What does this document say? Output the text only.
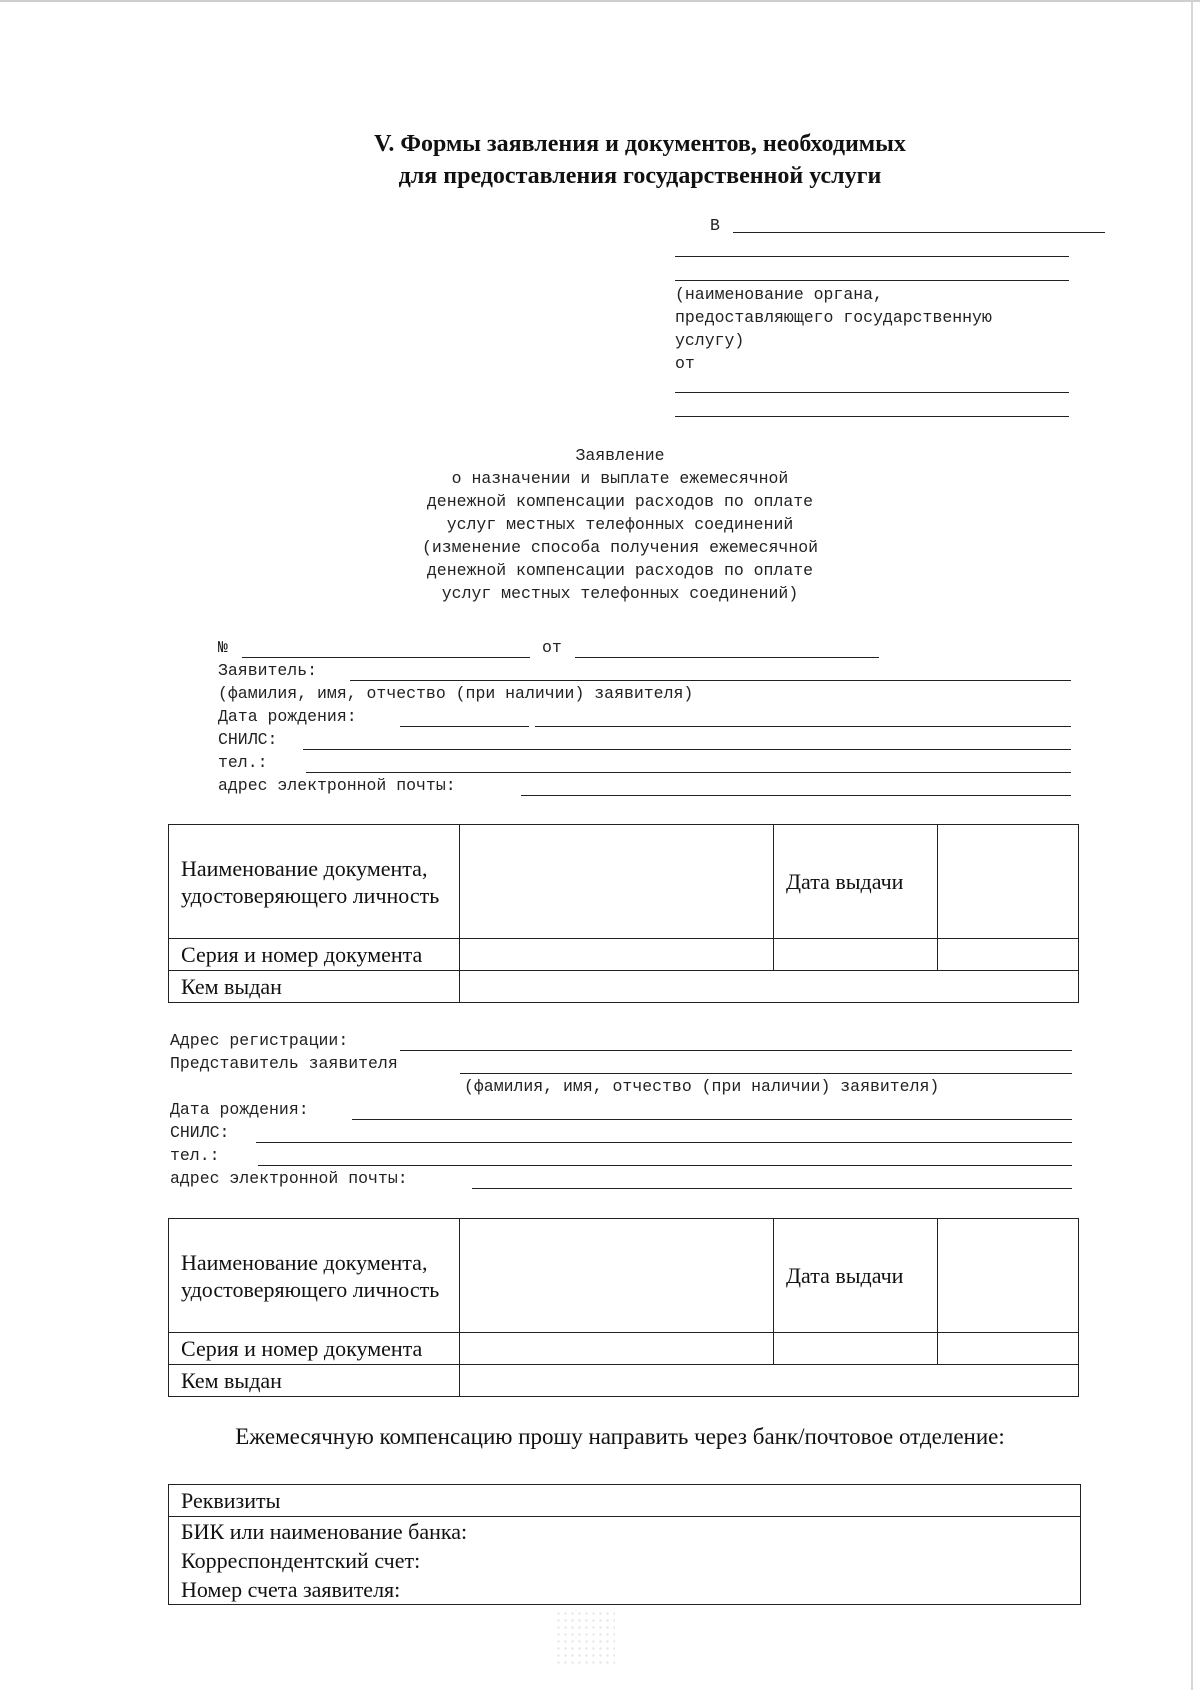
V. Формы заявления и документов, необходимых
для предоставления государственной услуги
В
(наименование органа,
предоставляющего государственную
услугу)
от
Заявление
о назначении и выплате ежемесячной
денежной компенсации расходов по оплате
услуг местных телефонных соединений
(изменение способа получения ежемесячной
денежной компенсации расходов по оплате
услуг местных телефонных соединений)
№	от
Заявитель:
(фамилия, имя, отчество (при наличии) заявителя)
Дата рождения:
СНИЛС:
тел.:
адрес электронной почты:
Наименование документа, удостоверяющего личность		Дата выдачи	
Серия и номер документа			
Кем выдан			
Адрес регистрации:
Представитель заявителя
(фамилия, имя, отчество (при наличии) заявителя)
Дата рождения:
СНИЛС:
тел.:
адрес электронной почты:
Наименование документа, удостоверяющего личность		Дата выдачи	
Серия и номер документа			
Кем выдан			
Ежемесячную компенсацию прошу направить через банк/почтовое отделение:
Реквизиты
БИК или наименование банка:
Корреспондентский счет:
Номер счета заявителя:
